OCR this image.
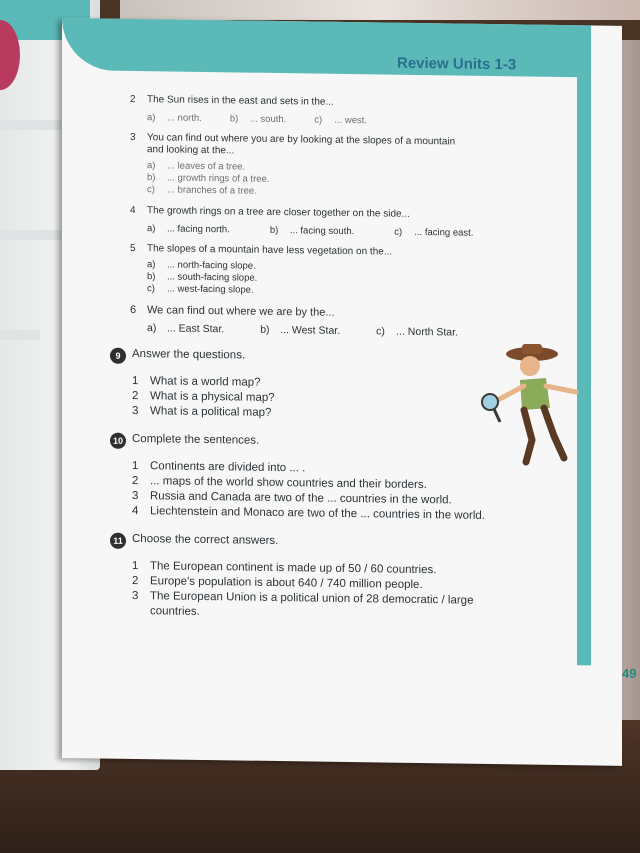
Review Units 1-3
2 The Sun rises in the east and sets in the...
a) ... north.	b) ... south.	c) ... west.
3 You can find out where you are by looking at the slopes of a mountain and looking at the...
a) ... leaves of a tree.
b) ... growth rings of a tree.
c) ... branches of a tree.
4 The growth rings on a tree are closer together on the side...
a) ... facing north.	b) ... facing south.	c) ... facing east.
5 The slopes of a mountain have less vegetation on the...
a) ... north-facing slope.
b) ... south-facing slope.
c) ... west-facing slope.
6 We can find out where we are by the...
a) ... East Star.	b) ... West Star.	c) ... North Star.
9	Answer the questions.
1	What is a world map?
2	What is a physical map?
3	What is a political map?
10 Complete the sentences.
1	Continents are divided into ... .
2	... maps of the world show countries and their borders.
3	Russia and Canada are two of the ... countries in the world.
4	Liechtenstein and Monaco are two of the ... countries in the world.
11 Choose the correct answers.
1	The European continent is made up of 50 / 60 countries.
2	Europe's population is about 640 / 740 million people.
3	The European Union is a political union of 28 democratic / large countries.
49
